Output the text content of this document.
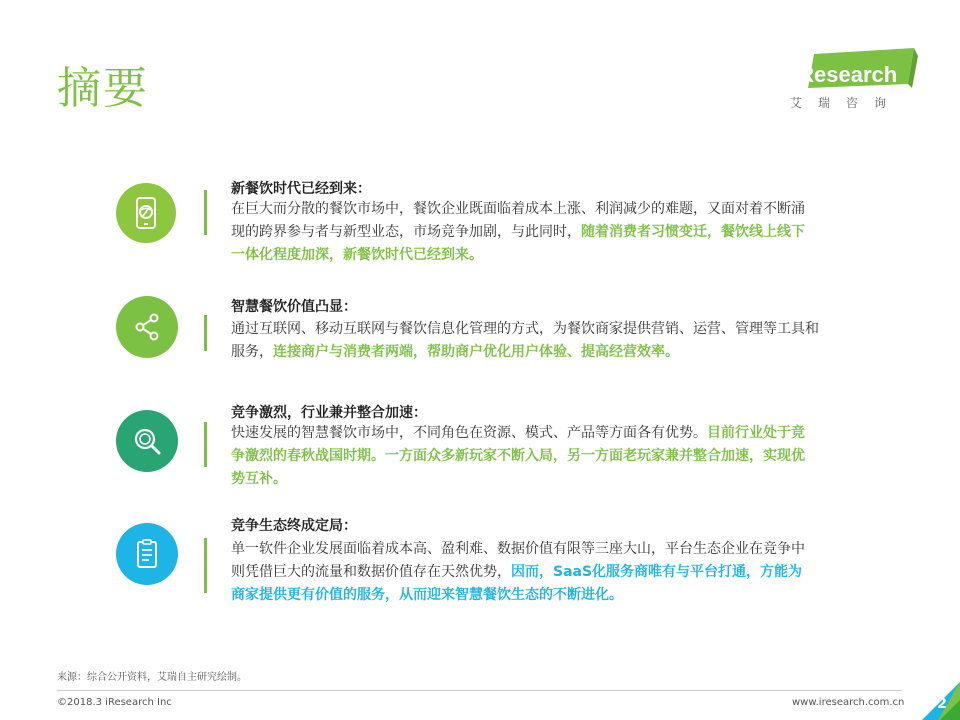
摘要	iResearch
艾瑞咨询
新餐饮时代已经到来：
在巨大而分散的餐饮市场中，餐饮企业既面临着成本上涨、利润减少的难题，又面对着不断涌现的跨界参与者与新型业态，市场竞争加剧，与此同时，随着消费者习惯变迁，餐饮线上线下一体化程度加深，新餐饮时代已经到来。
智慧餐饮价值凸显：
通过互联网、移动互联网与餐饮信息化管理的方式，为餐饮商家提供营销、运营、管理等工具和服务，连接商户与消费者两端，帮助商户优化用户体验、提高经营效率。
竞争激烈，行业兼并整合加速：
快速发展的智慧餐饮市场中，不同角色在资源、模式、产品等方面各有优势。目前行业处于竞争激烈的春秋战国时期。一方面众多新玩家不断入局，另一方面老玩家兼并整合加速，实现优势互补。
竞争生态终成定局：
单一软件企业发展面临着成本高、盈利难、数据价值有限等三座大山，平台生态企业在竞争中则凭借巨大的流量和数据价值存在天然优势，因而，SaaS化服务商唯有与平台打通，方能为商家提供更有价值的服务，从而迎来智慧餐饮生态的不断进化。
来源：综合公开资料，艾瑞自主研究绘制。
©2018.3 iResearch Inc	www.iresearch.com.cn 2
